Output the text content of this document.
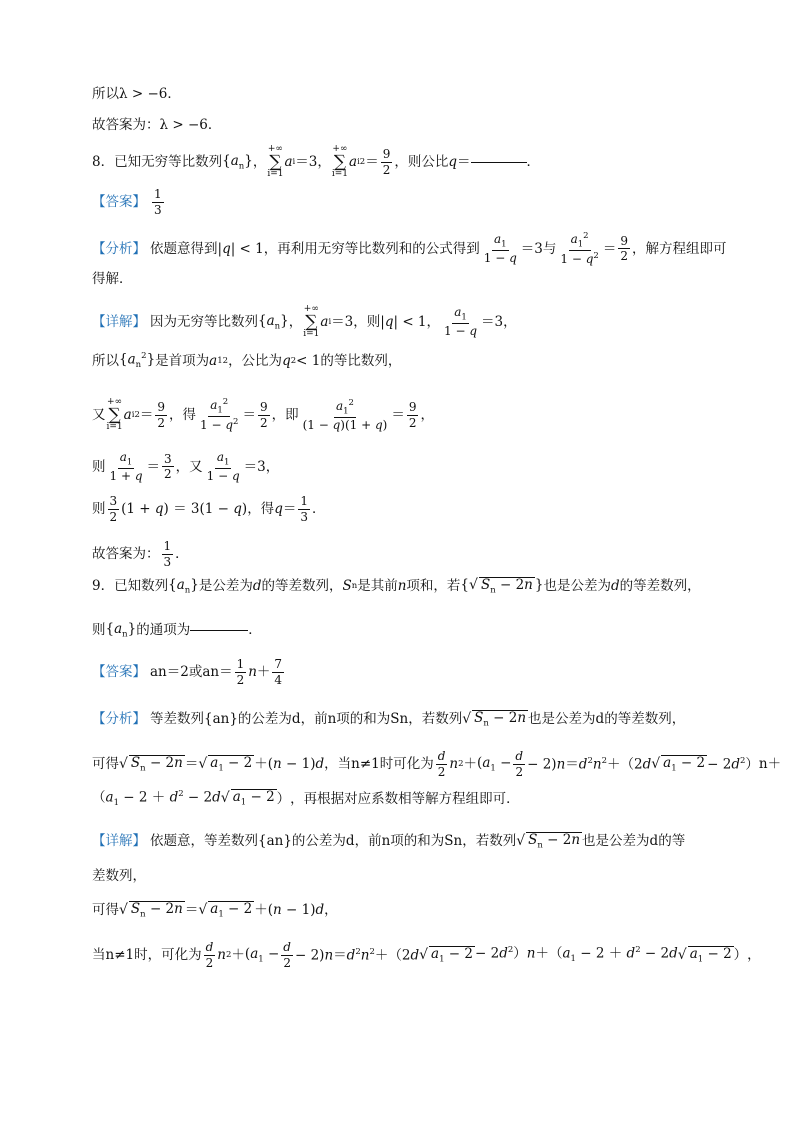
所以λ > −6．
故答案为：λ > −6．
8．已知无穷等比数列 $\{a_n\}$ ，
+∞
∑
i=1
a i ＝3 ，
+∞
∑
i=1
a i $2 = \frac{9}{2}$ ，则公比 q ＝	．
【答案】 $\frac{1}{3}$
【分析】 依题意得到 |q| < 1 ，再利用无穷等比数列和的公式得到 $\frac{a_1}{1 - q} =3$ 与 $\frac{a_1^2}{1 - q^2} = \frac{9}{2}$ ，解方程组即可
得解．
【详解】 因为无穷等比数列 $\{a_n\}$ ，
+∞
∑
i=1
a i ＝3 ，则 |q| < 1 ， $\frac{a_1}{1 - q} =3$，
所以 $\{a_n^2\}$ 是首项为 a 1 2 ，公比为 q 2 < 1 的等比数列，
又
+∞
∑
i=1
a i $2 = \frac{9}{2}$ ，得 $\frac{a_1^2}{1 - q^2} = \frac{9}{2}$ ，即 $\frac{a_1^2}{(1 - q)(1 + q)} = \frac{9}{2}$ ，
则 $\frac{a_1}{1 + q} = \frac{3}{2}$ ，又 $\frac{a_1}{1 - q} =3$，
则 $\frac{3}{2} (1 + q) = 3(1 - q)$ ，得 $q = \frac{1}{3}$ ．
故答案为： $\frac{1}{3}$ ．
9．已知数列 $\{a_n\}$ 是公差为 d 的等差数列， S n 是其前 n 项和，若 {√ $S_n - 2n$ } 也是公差为 d 的等差数列，
则 $\{a_n\}$ 的通项为	．
【答案】 an＝2或$an= \frac{1}{2}$ $n + \frac{7}{4}$
【分析】 等差数列{an}的公差为d，前n项的和为Sn，若数列 √ $S_n - 2n$ 也是公差为d的等差数列，
可得 √ $S_n - 2n$ ＝ √ $a_1 - 2 +(n - 1)d$ ，当n≠1时可化为 $\frac{d}{2}$ n $2 + (a_1 - \frac{d}{2} - 2)n=d^2n^2+(2d$ √ $a_1 - 2 - 2d^2$） n＋
（$a_1 - 2 + d^2 - 2d$ √ $a_1 - 2$ ） ，再根据对应系数相等解方程组即可．
【详解】 依题意，等差数列{an}的公差为d，前n项的和为Sn，若数列 √ $S_n - 2n$ 也是公差为d的等
差数列，
可得 √ $S_n - 2n$ ＝ √ $a_1 - 2 +(n - 1)d$ ，
当n≠1时，可化为 $\frac{d}{2}$ n $2 + (a_1 - \frac{d}{2} - 2)n=d^2n^2+(2d$ √ $a_1 - 2 - 2d^2)n+(a_1 - 2 + d^2 - 2d$ √ $a_1 - 2$ ） ，
